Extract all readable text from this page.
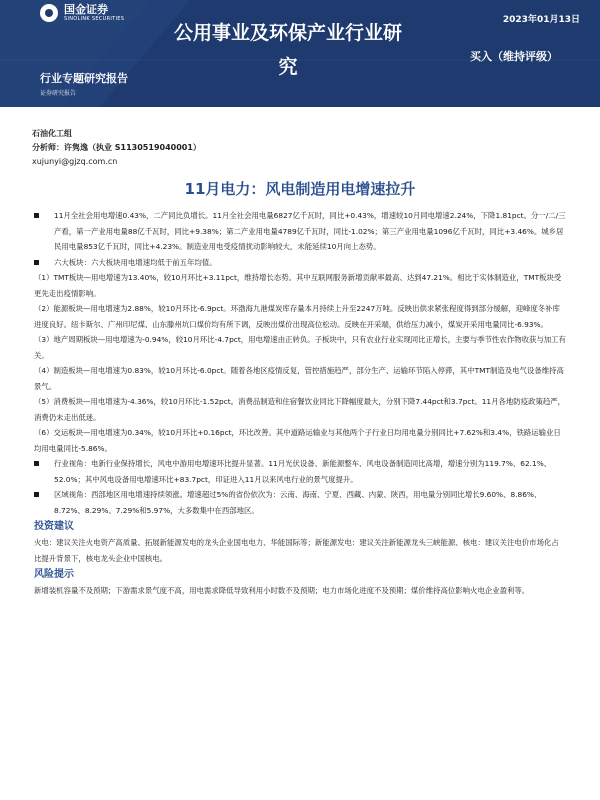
国金证券
SINOLINK SECURITIES	2023年01月13日
公用事业及环保产业行业研究	买入（维持评级）
行业专题研究报告
证券研究报告
石油化工组
分析师：许隽逸（执业 S1130519040001）
xujunyi@gjzq.com.cn
11月电力：风电制造用电增速拉升

11月全社会用电增速0.43%，二产同比负增长。11月全社会用电量6827亿千瓦时，同比+0.43%，增速较10月同电增速2.24%，下降1.81pct。分一/二/三产看，第一产业用电量88亿千瓦时，同比+9.38%；第二产业用电量4789亿千瓦时，同比-1.02%；第三产业用电量1096亿千瓦时，同比+3.46%。城乡居民用电量853亿千瓦时，同比+4.23%。制造业用电受疫情扰动影响较大，未能延续10月向上态势。

六大板块：六大板块用电增速均低于前五年均值。

（1）TMT板块—用电增速为13.40%，较10月环比+3.11pct，维持增长态势。其中互联网服务新增贡献率最高、达到47.21%。相比于实体制造业，TMT板块受更先走出疫情影响。

（2）能源板块—用电增速为2.88%，较10月环比-6.9pct。环渤海九港煤炭库存量本月持续上升至2247万吨。反映出供求紧张程度得到部分缓解，迎峰度冬补库进度良好。纽卡斯尔、广州印尼煤、山东滕州坑口煤价均有所下调，反映出煤价出现高位松动。反映在开采端，供给压力减小，煤炭开采用电量同比-6.93%。

（3）地产周期板块—用电增速为-0.94%，较10月环比-4.7pct，用电增速由正转负。子板块中，只有农业行业实现同比正增长，主要与季节性农作物收获与加工有关。

（4）制造板块—用电增速为0.83%，较10月环比-6.0pct。随着各地区疫情反复，管控措施趋严，部分生产、运输环节陷入停滞，其中TMT制造及电气设备维持高景气。

（5）消费板块—用电增速为-4.36%，较10月环比-1.52pct。消费品制造和住宿餐饮业同比下降幅度最大，分别下降7.44pct和3.7pct。11月各地防疫政策趋严，消费仍未走出低迷。

（6）交运板块—用电增速为0.34%，较10月环比+0.16pct，环比改善。其中道路运输业与其他两个子行业日均用电量分别同比+7.62%和3.4%，铁路运输业日均用电量同比-5.86%。

行业视角：电新行业保持增长，风电中游用电增速环比提升显著。11月光伏设备、新能源整车、风电设备制造同比高增，增速分别为119.7%、62.1%、52.0%；其中风电设备用电增速环比+83.7pct，印证进入11月以来风电行业的景气度提升。

区域视角：西部地区用电增速持续领涨。增速超过5%的省份依次为：云南、海南、宁夏、西藏、内蒙、陕西，用电量分别同比增长9.60%、8.86%、8.72%、8.29%、7.29%和5.97%，大多数集中在西部地区。

投资建议

火电：建议关注火电资产高质量、拓展新能源发电的龙头企业国电电力、华能国际等；新能源发电：建议关注新能源龙头三峡能源、核电：建议关注电价市场化占比提升背景下，核电龙头企业中国核电。

风险提示

新增装机容量不及预期；下游需求景气度不高，用电需求降低导致利用小时数不及预期；电力市场化进度不及预期；煤价维持高位影响火电企业盈利等。
